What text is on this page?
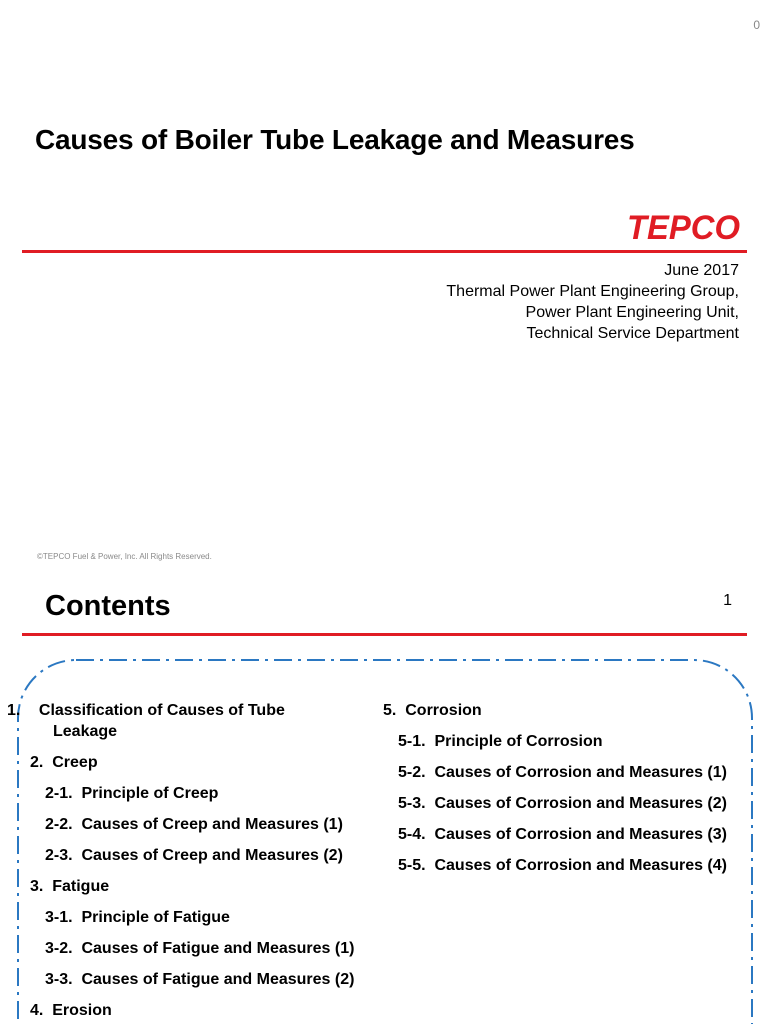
0
Causes of Boiler Tube Leakage and Measures
TEPCO
June 2017
Thermal Power Plant Engineering Group,
Power Plant Engineering Unit,
Technical Service Department
©TEPCO Fuel & Power, Inc. All Rights Reserved.
Contents	1
1. Classification of Causes of Tube Leakage
2. Creep
2-1. Principle of Creep
2-2. Causes of Creep and Measures (1)
2-3. Causes of Creep and Measures (2)
3. Fatigue
3-1. Principle of Fatigue
3-2. Causes of Fatigue and Measures (1)
3-3. Causes of Fatigue and Measures (2)
4. Erosion
5. Corrosion
5-1. Principle of Corrosion
5-2. Causes of Corrosion and Measures (1)
5-3. Causes of Corrosion and Measures (2)
5-4. Causes of Corrosion and Measures (3)
5-5. Causes of Corrosion and Measures (4)
